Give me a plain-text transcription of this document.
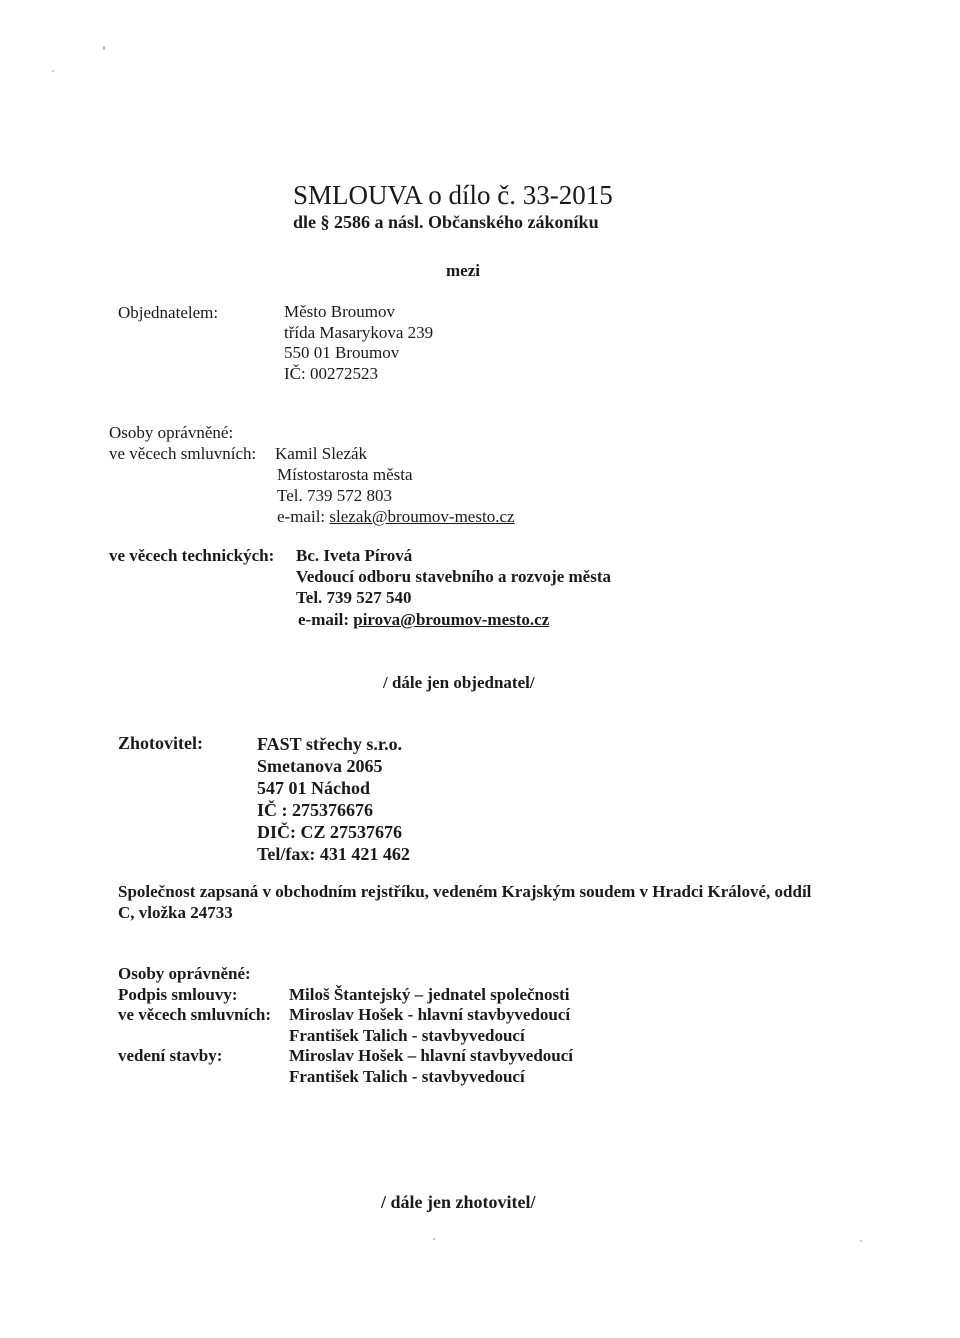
SMLOUVA o dílo č. 33-2015
dle § 2586 a násl. Občanského zákoníku
mezi
Objednatelem:	Město Broumov
třída Masarykova 239
550 01 Broumov
IČ: 00272523
Osoby oprávněné:
ve věcech smluvních: Kamil Slezák
Místostarosta města
Tel. 739 572 803
e-mail: slezak@broumov-mesto.cz
ve věcech technických: Bc. Iveta Pírová
Vedoucí odboru stavebního a rozvoje města
Tel. 739 527 540
e-mail: pirova@broumov-mesto.cz
/ dále jen objednatel/
Zhotovitel:	FAST střechy s.r.o.
Smetanova 2065
547 01 Náchod
IČ : 275376676
DIČ: CZ 27537676
Tel/fax: 431 421 462
Společnost zapsaná v obchodním rejstříku, vedeném Krajským soudem v Hradci Králové, oddíl
C, vložka 24733
Osoby oprávněné:
Podpis smlouvy:
ve věcech smluvních:
vedení stavby:
Miloš Štantejský – jednatel společnosti
Miroslav Hošek - hlavní stavbyvedoucí
František Talich - stavbyvedoucí
Miroslav Hošek – hlavní stavbyvedoucí
František Talich - stavbyvedoucí
/ dále jen zhotovitel/
